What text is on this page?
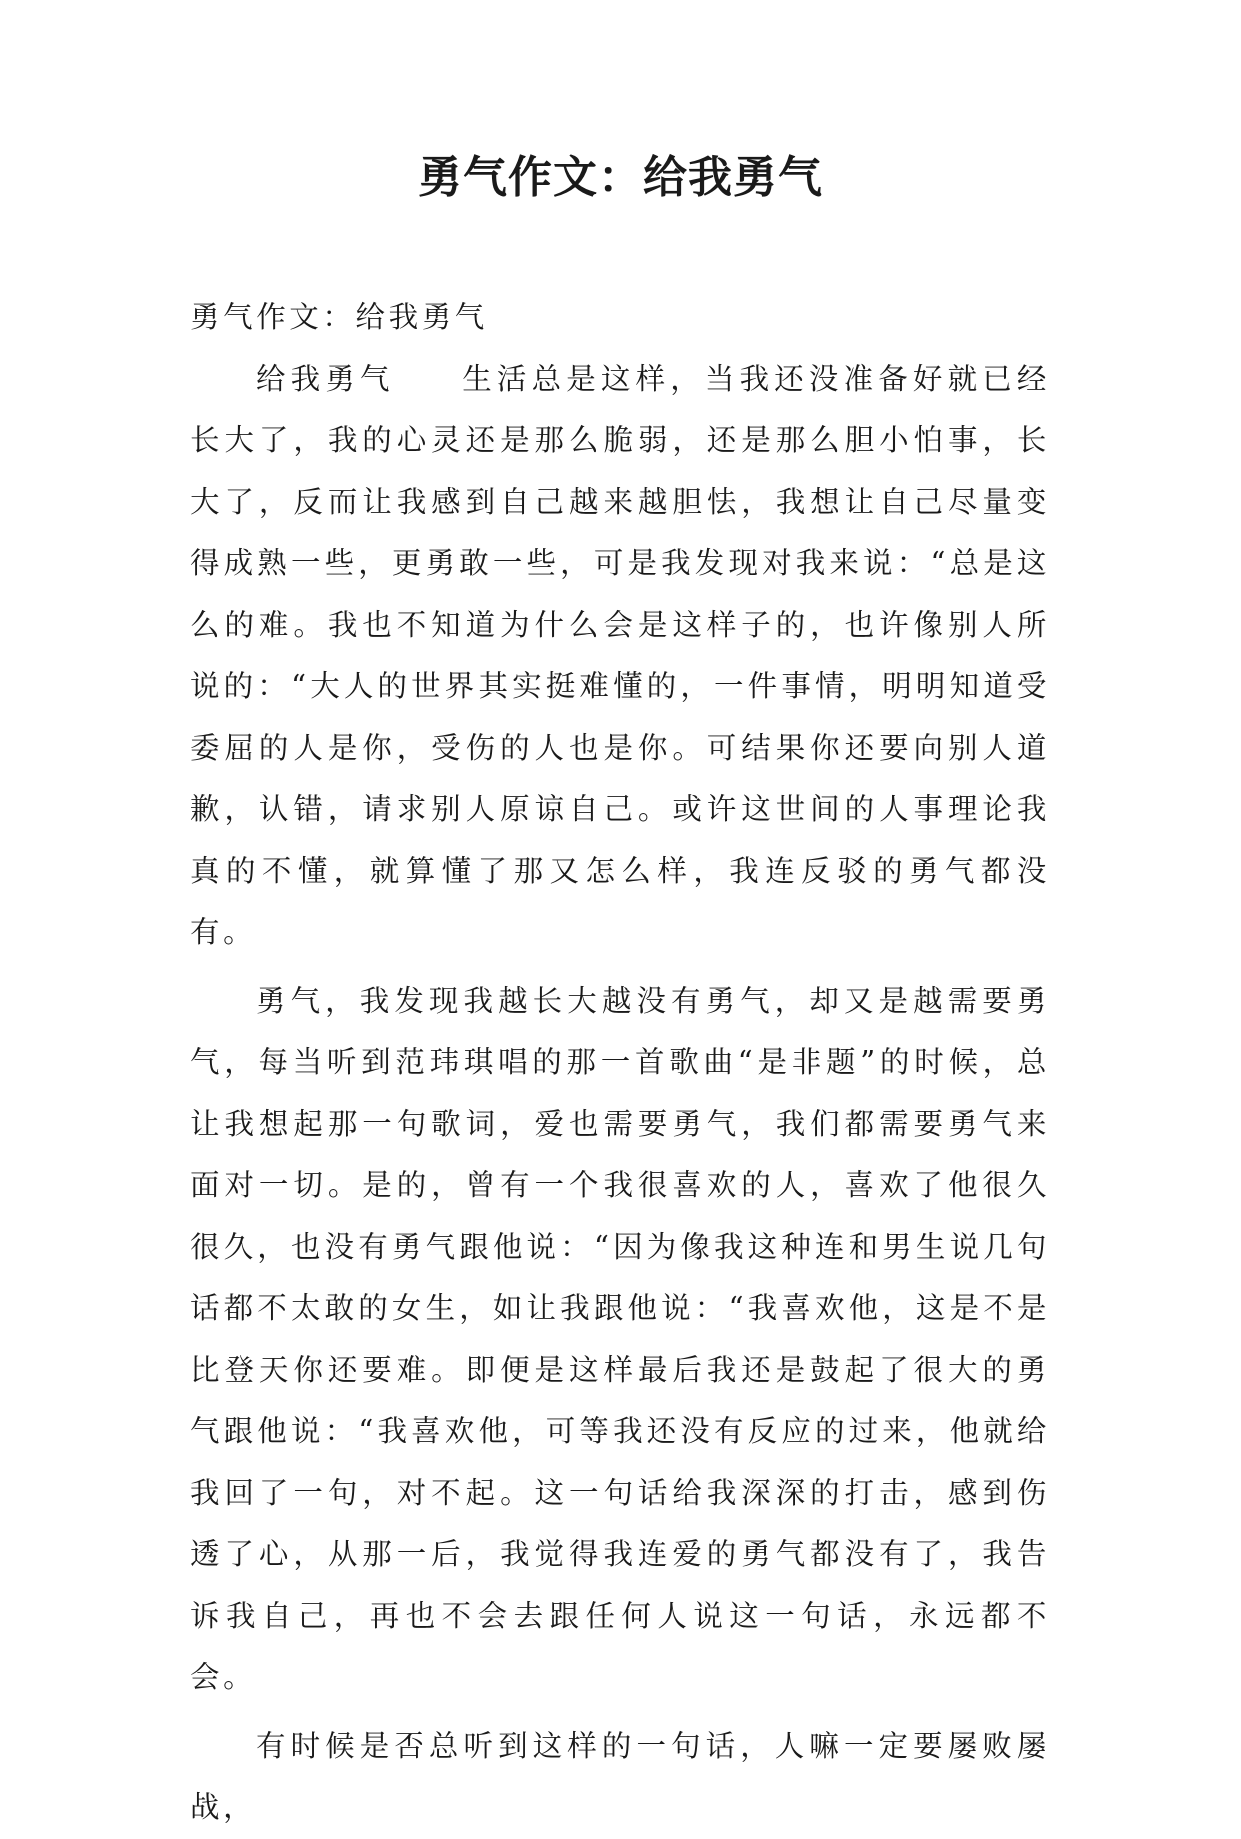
勇气作文：给我勇气

勇气作文：给我勇气

给我勇气 生活总是这样，当我还没准备好就已经长大了，我的心灵还是那么脆弱，还是那么胆小怕事，长大了，反而让我感到自己越来越胆怯，我想让自己尽量变得成熟一些，更勇敢一些，可是我发现对我来说：“总是这么的难。我也不知道为什么会是这样子的，也许像别人所说的：“大人的世界其实挺难懂的，一件事情，明明知道受委屈的人是你，受伤的人也是你。可结果你还要向别人道歉，认错，请求别人原谅自己。或许这世间的人事理论我真的不懂，就算懂了那又怎么样，我连反驳的勇气都没有。

勇气，我发现我越长大越没有勇气，却又是越需要勇气，每当听到范玮琪唱的那一首歌曲“是非题”的时候，总让我想起那一句歌词，爱也需要勇气，我们都需要勇气来面对一切。是的，曾有一个我很喜欢的人，喜欢了他很久很久，也没有勇气跟他说：“因为像我这种连和男生说几句话都不太敢的女生，如让我跟他说：“我喜欢他，这是不是比登天你还要难。即便是这样最后我还是鼓起了很大的勇气跟他说：“我喜欢他，可等我还没有反应的过来，他就给我回了一句，对不起。这一句话给我深深的打击，感到伤透了心，从那一后，我觉得我连爱的勇气都没有了，我告诉我自己，再也不会去跟任何人说这一句话，永远都不会。

有时候是否总听到这样的一句话，人嘛一定要屡败屡战，
